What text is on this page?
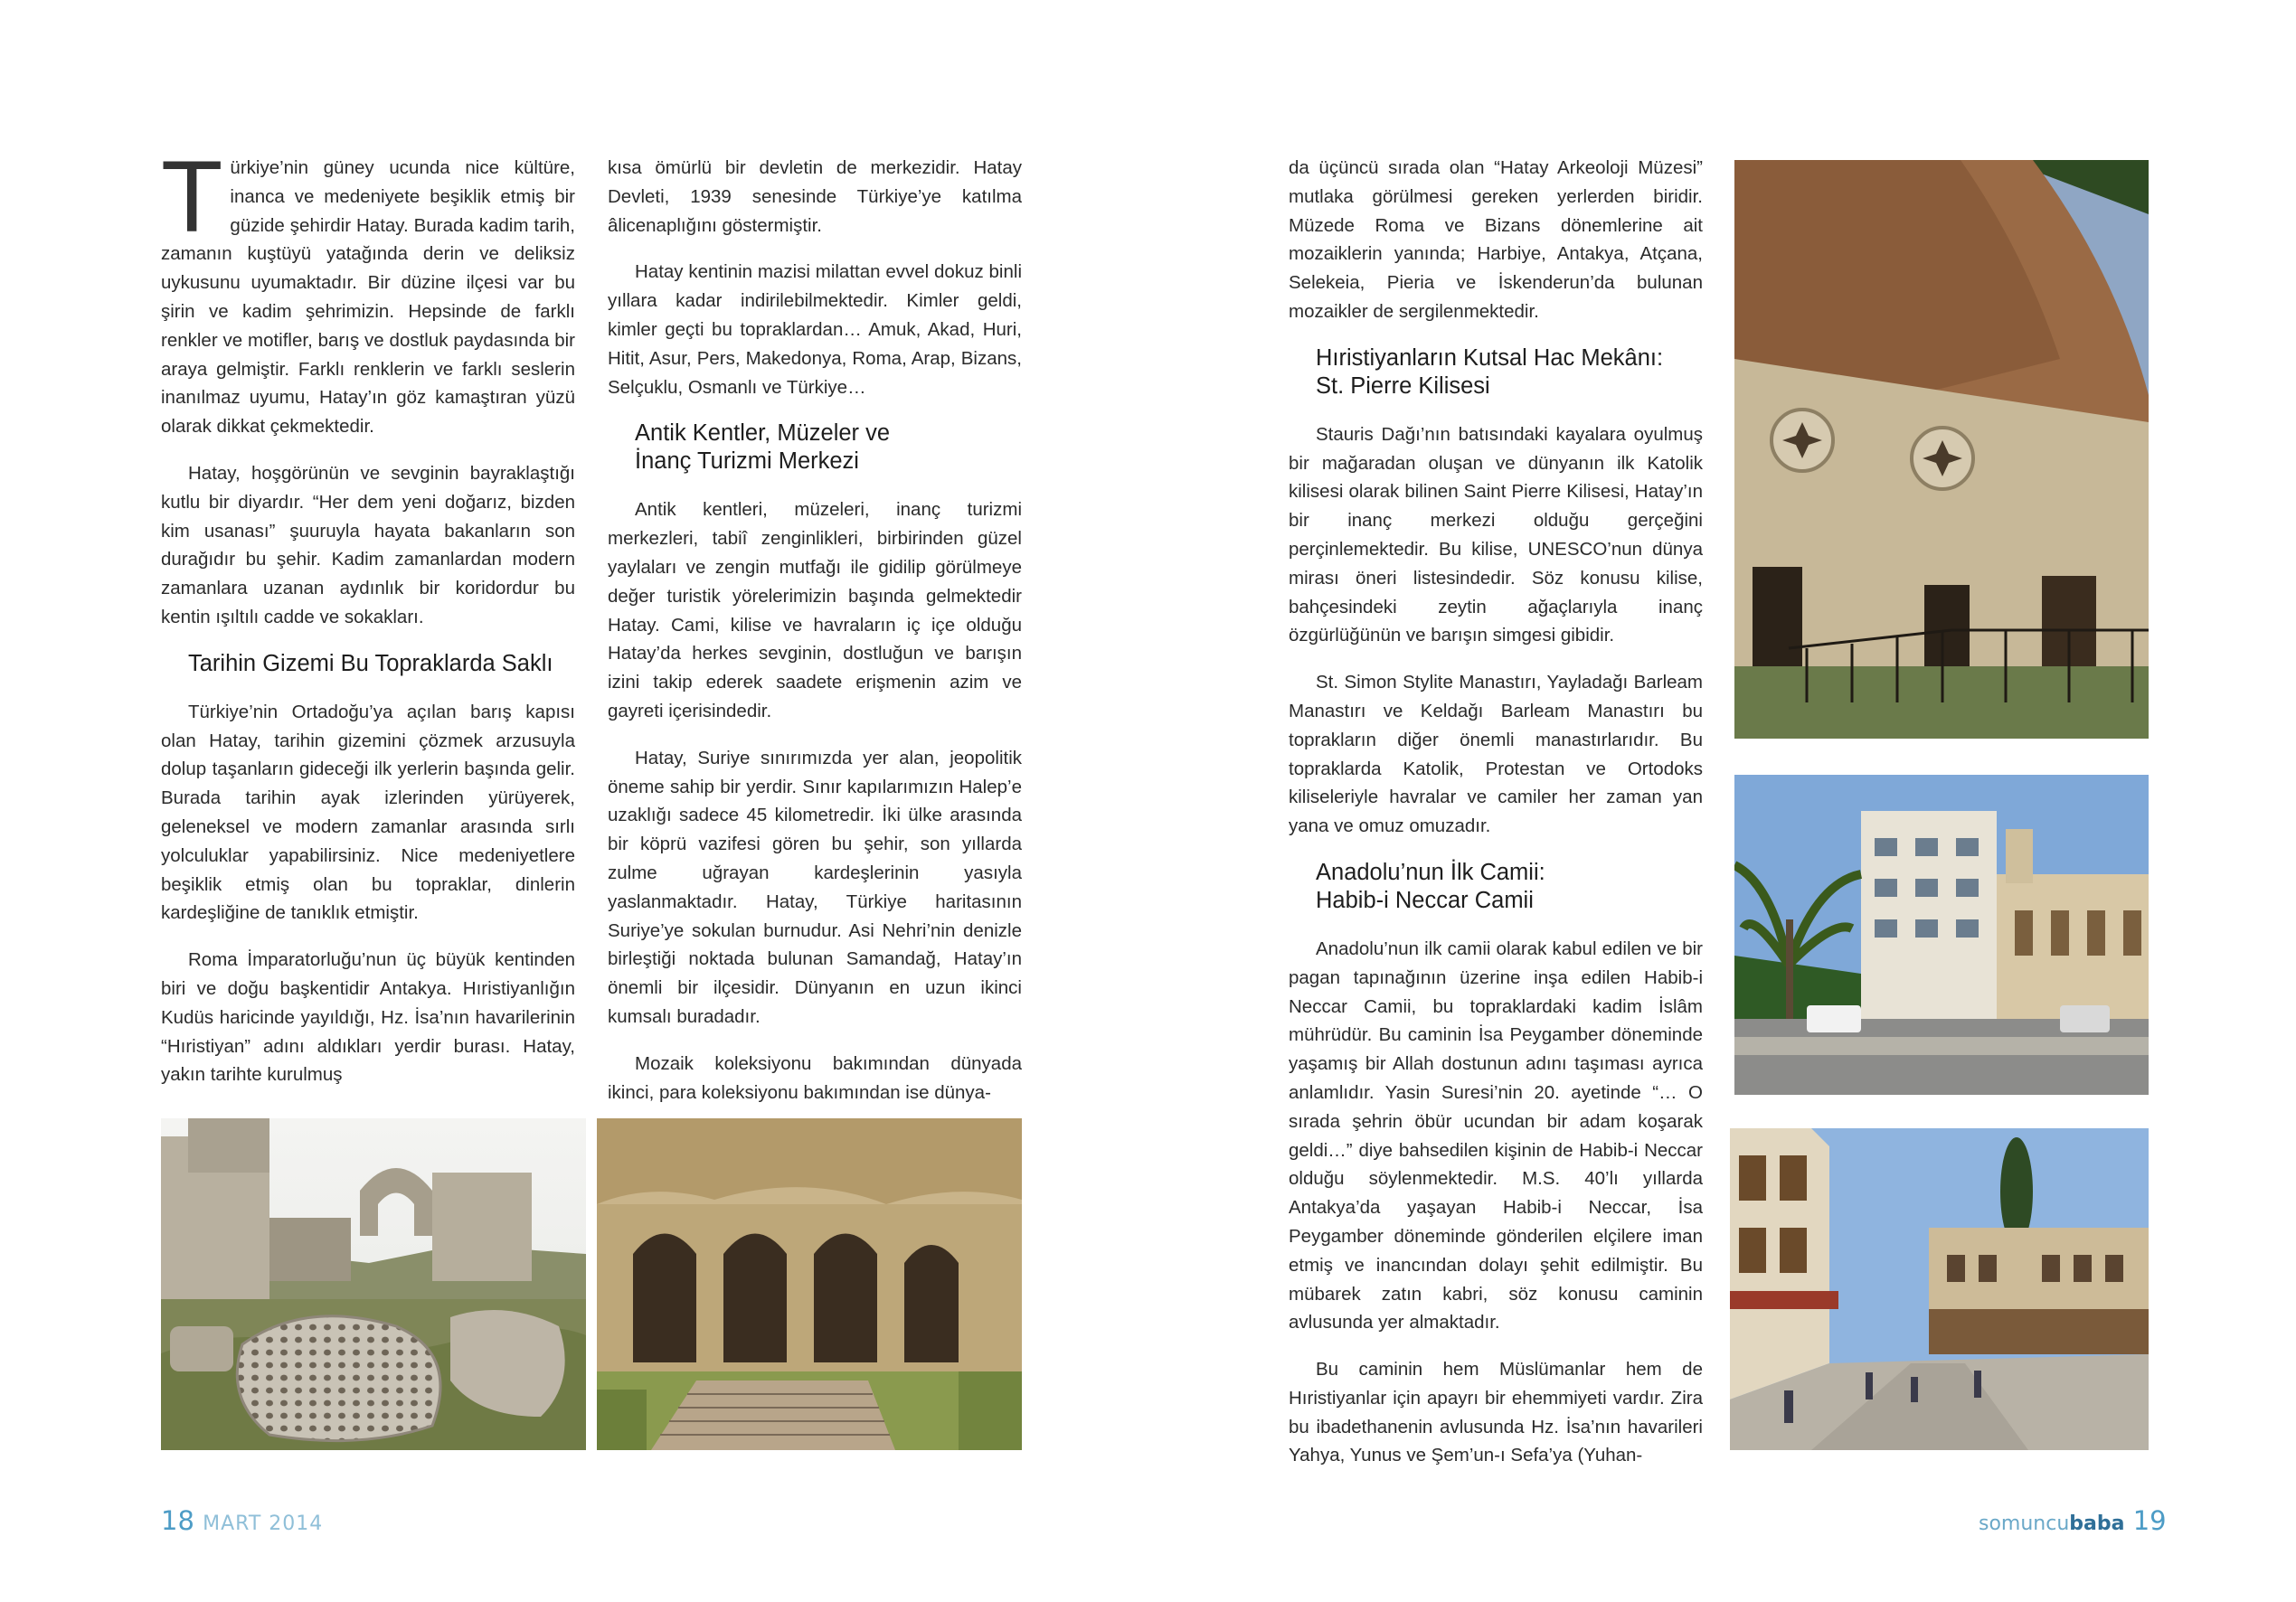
Türkiye’nin güney ucunda nice kültüre, inanca ve medeniyete beşiklik etmiş bir güzide şehirdir Hatay. Burada kadim tarih, zamanın kuştüyü yatağında derin ve deliksiz uykusunu uyumaktadır. Bir düzine ilçesi var bu şirin ve kadim şehrimizin. Hepsinde de farklı renkler ve motifler, barış ve dostluk paydasında bir araya gelmiştir. Farklı renklerin ve farklı seslerin inanılmaz uyumu, Hatay’ın göz kamaştıran yüzü olarak dikkat çekmektedir.

Hatay, hoşgörünün ve sevginin bayraklaştığı kutlu bir diyardır. “Her dem yeni doğarız, bizden kim usanası” şuuruyla hayata bakanların son durağıdır bu şehir. Kadim zamanlardan modern zamanlara uzanan aydınlık bir koridordur bu kentin ışıltılı cadde ve sokakları.

Tarihin Gizemi Bu Topraklarda Saklı

Türkiye’nin Ortadoğu’ya açılan barış kapısı olan Hatay, tarihin gizemini çözmek arzusuyla dolup taşanların gideceği ilk yerlerin başında gelir. Burada tarihin ayak izlerinden yürüyerek, geleneksel ve modern zamanlar arasında sırlı yolculuklar yapabilirsiniz. Nice medeniyetlere beşiklik etmiş olan bu topraklar, dinlerin kardeşliğine de tanıklık etmiştir.

Roma İmparatorluğu’nun üç büyük kentinden biri ve doğu başkentidir Antakya. Hıristiyanlığın Kudüs haricinde yayıldığı, Hz. İsa’nın havarilerinin “Hıristiyan” adını aldıkları yerdir burası. Hatay, yakın tarihte kurulmuş

kısa ömürlü bir devletin de merkezidir. Hatay Devleti, 1939 senesinde Türkiye’ye katılma âlicenaplığını göstermiştir.

Hatay kentinin mazisi milattan evvel dokuz binli yıllara kadar indirilebilmektedir. Kimler geldi, kimler geçti bu topraklardan… Amuk, Akad, Huri, Hitit, Asur, Pers, Makedonya, Roma, Arap, Bizans, Selçuklu, Osmanlı ve Türkiye…

Antik Kentler, Müzeler ve
İnanç Turizmi Merkezi

Antik kentleri, müzeleri, inanç turizmi merkezleri, tabiî zenginlikleri, birbirinden güzel yaylaları ve zengin mutfağı ile gidilip görülmeye değer turistik yörelerimizin başında gelmektedir Hatay. Cami, kilise ve havraların iç içe olduğu Hatay’da herkes sevginin, dostluğun ve barışın izini takip ederek saadete erişmenin azim ve gayreti içerisindedir.

Hatay, Suriye sınırımızda yer alan, jeopolitik öneme sahip bir yerdir. Sınır kapılarımızın Halep’e uzaklığı sadece 45 kilometredir. İki ülke arasında bir köprü vazifesi gören bu şehir, son yıllarda zulme uğrayan kardeşlerinin yasıyla yaslanmaktadır. Hatay, Türkiye haritasının Suriye’ye sokulan burnudur. Asi Nehri’nin denizle birleştiği noktada bulunan Samandağ, Hatay’ın önemli bir ilçesidir. Dünyanın en uzun ikinci kumsalı buradadır.

Mozaik koleksiyonu bakımından dünyada ikinci, para koleksiyonu bakımından ise dünya-

da üçüncü sırada olan “Hatay Arkeoloji Müzesi” mutlaka görülmesi gereken yerlerden biridir. Müzede Roma ve Bizans dönemlerine ait mozaiklerin yanında; Harbiye, Antakya, Atçana, Selekeia, Pieria ve İskenderun’da bulunan mozaikler de sergilenmektedir.

Hıristiyanların Kutsal Hac Mekânı:
St. Pierre Kilisesi

Stauris Dağı’nın batısındaki kayalara oyulmuş bir mağaradan oluşan ve dünyanın ilk Katolik kilisesi olarak bilinen Saint Pierre Kilisesi, Hatay’ın bir inanç merkezi olduğu gerçeğini perçinlemektedir. Bu kilise, UNESCO’nun dünya mirası öneri listesindedir. Söz konusu kilise, bahçesindeki zeytin ağaçlarıyla inanç özgürlüğünün ve barışın simgesi gibidir.

St. Simon Stylite Manastırı, Yayladağı Barleam Manastırı ve Keldağı Barleam Manastırı bu toprakların diğer önemli manastırlarıdır. Bu topraklarda Katolik, Protestan ve Ortodoks kiliseleriyle havralar ve camiler her zaman yan yana ve omuz omuzadır.

Anadolu’nun İlk Camii:
Habib-i Neccar Camii

Anadolu’nun ilk camii olarak kabul edilen ve bir pagan tapınağının üzerine inşa edilen Habib-i Neccar Camii, bu topraklardaki kadim İslâm mührüdür. Bu caminin İsa Peygamber döneminde yaşamış bir Allah dostunun adını taşıması ayrıca anlamlıdır. Yasin Suresi’nin 20. ayetinde “… O sırada şehrin öbür ucundan bir adam koşarak geldi…” diye bahsedilen kişinin de Habib-i Neccar olduğu söylenmektedir. M.S. 40’lı yıllarda Antakya’da yaşayan Habib-i Neccar, İsa Peygamber döneminde gönderilen elçilere iman etmiş ve inancından dolayı şehit edilmiştir. Bu mübarek zatın kabri, söz konusu caminin avlusunda yer almaktadır.

Bu caminin hem Müslümanlar hem de Hıristiyanlar için apayrı bir ehemmiyeti vardır. Zira bu ibadethanenin avlusunda Hz. İsa’nın havarileri Yahya, Yunus ve Şem’un-ı Sefa’ya (Yuhan-

18 MART 2014	somuncubaba 19
